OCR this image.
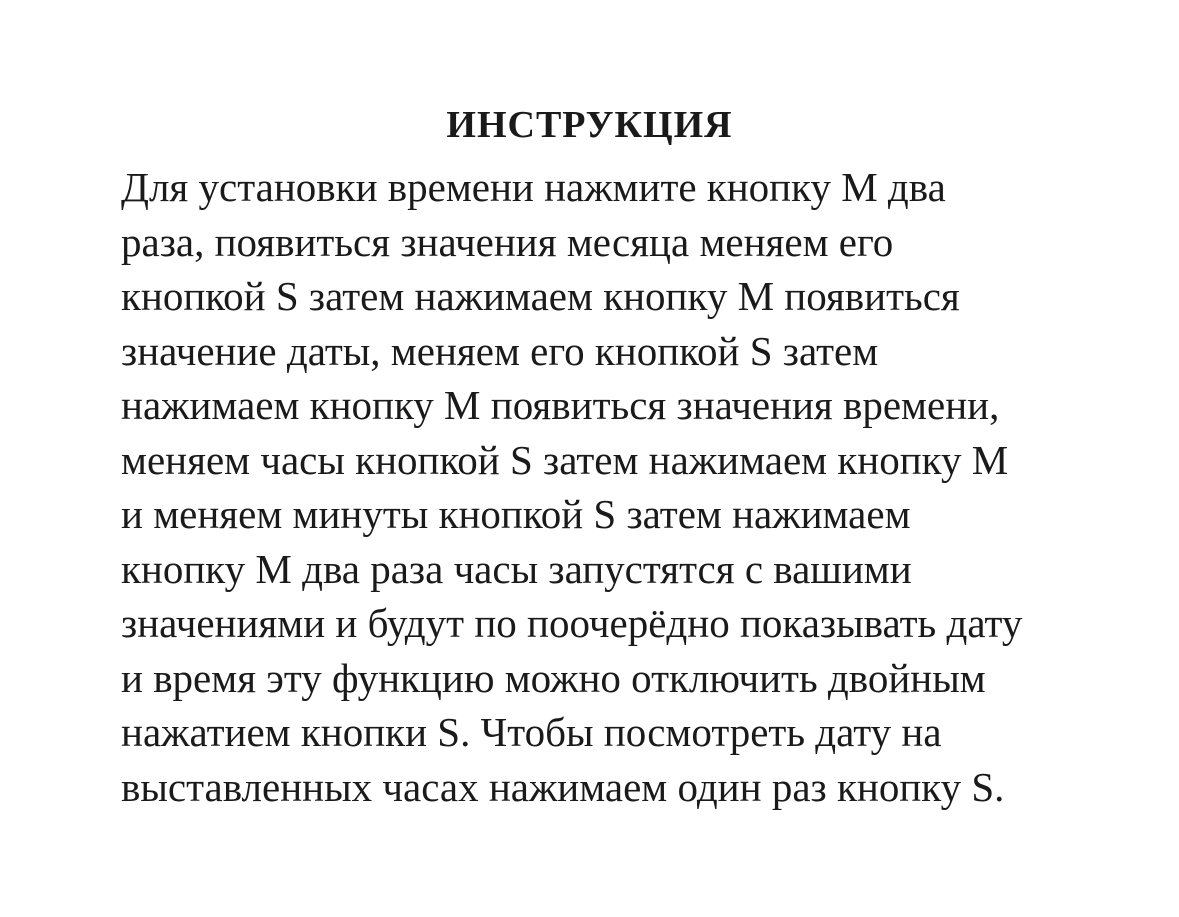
ИНСТРУКЦИЯ
Для установки времени нажмите кнопку М два
раза, появиться значения месяца меняем его
кнопкой S затем нажимаем кнопку М появиться
значение даты, меняем его кнопкой S затем
нажимаем кнопку М появиться значения времени,
меняем часы кнопкой S затем нажимаем кнопку М
и меняем минуты кнопкой S затем нажимаем
кнопку М два раза часы запустятся с вашими
значениями и будут по поочерёдно показывать дату
и время эту функцию можно отключить двойным
нажатием кнопки S. Чтобы посмотреть дату на
выставленных часах нажимаем один раз кнопку S.
